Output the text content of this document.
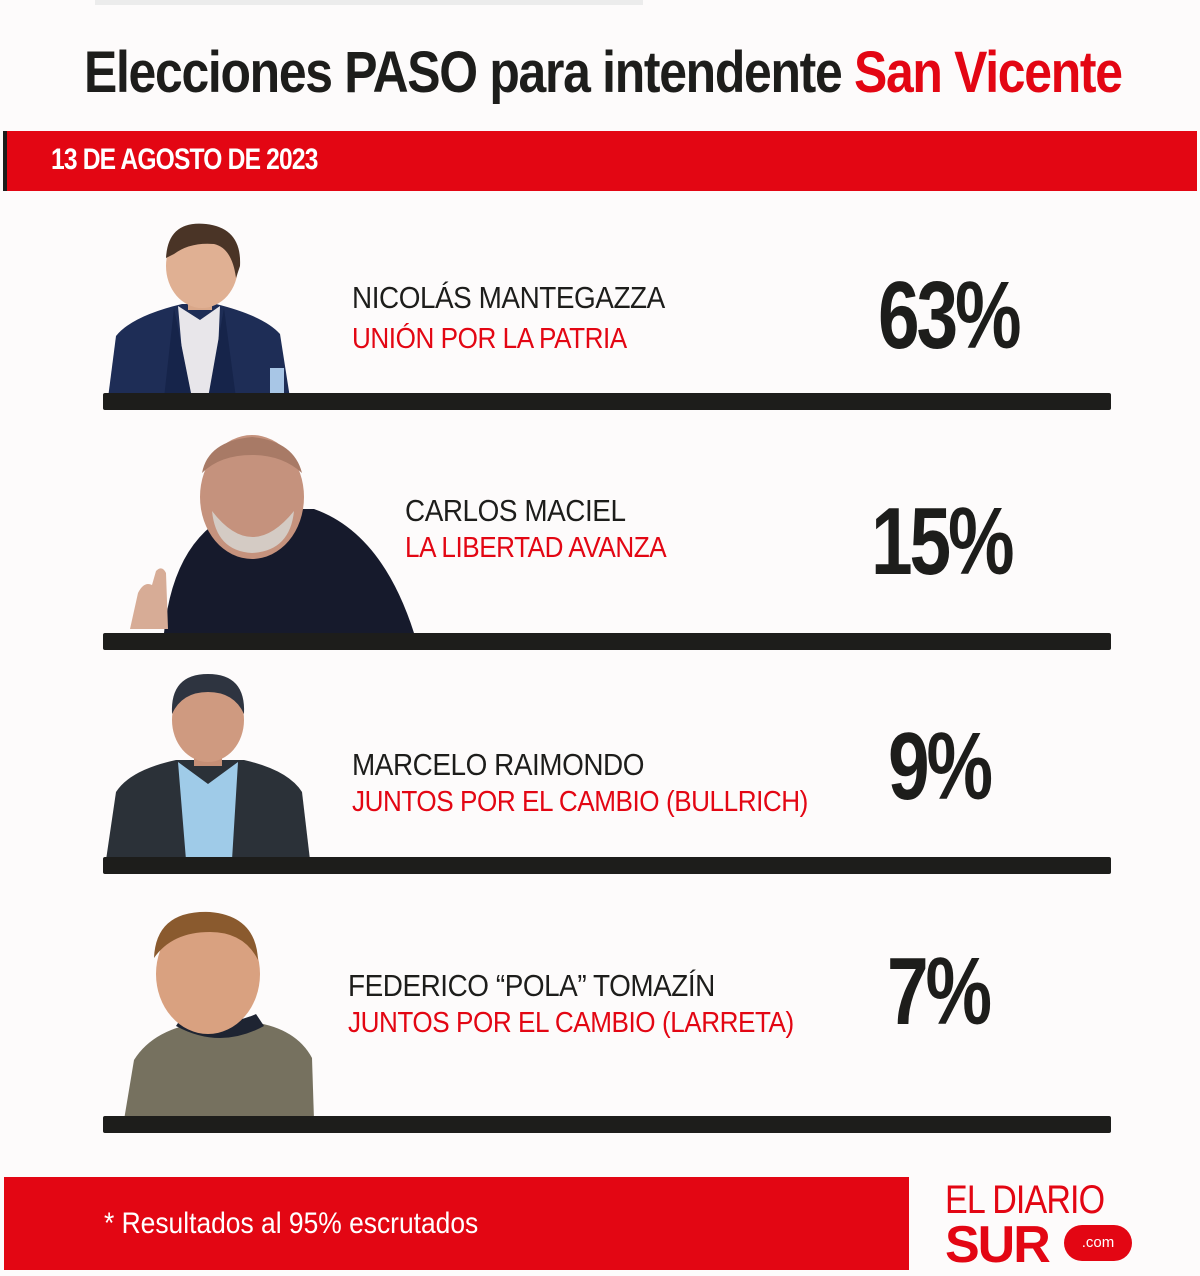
Elecciones PASO para intendente San Vicente
13 DE AGOSTO DE 2023
NICOLÁS MANTEGAZZA
UNIÓN POR LA PATRIA	63%
CARLOS MACIEL
LA LIBERTAD AVANZA 15%
MARCELO RAIMONDO
JUNTOS POR EL CAMBIO (BULLRICH) 9%
FEDERICO “POLA” TOMAZÍN
JUNTOS POR EL CAMBIO (LARRETA) 7%
* Resultados al 95% escrutados
EL DIARIO
SUR	.com
